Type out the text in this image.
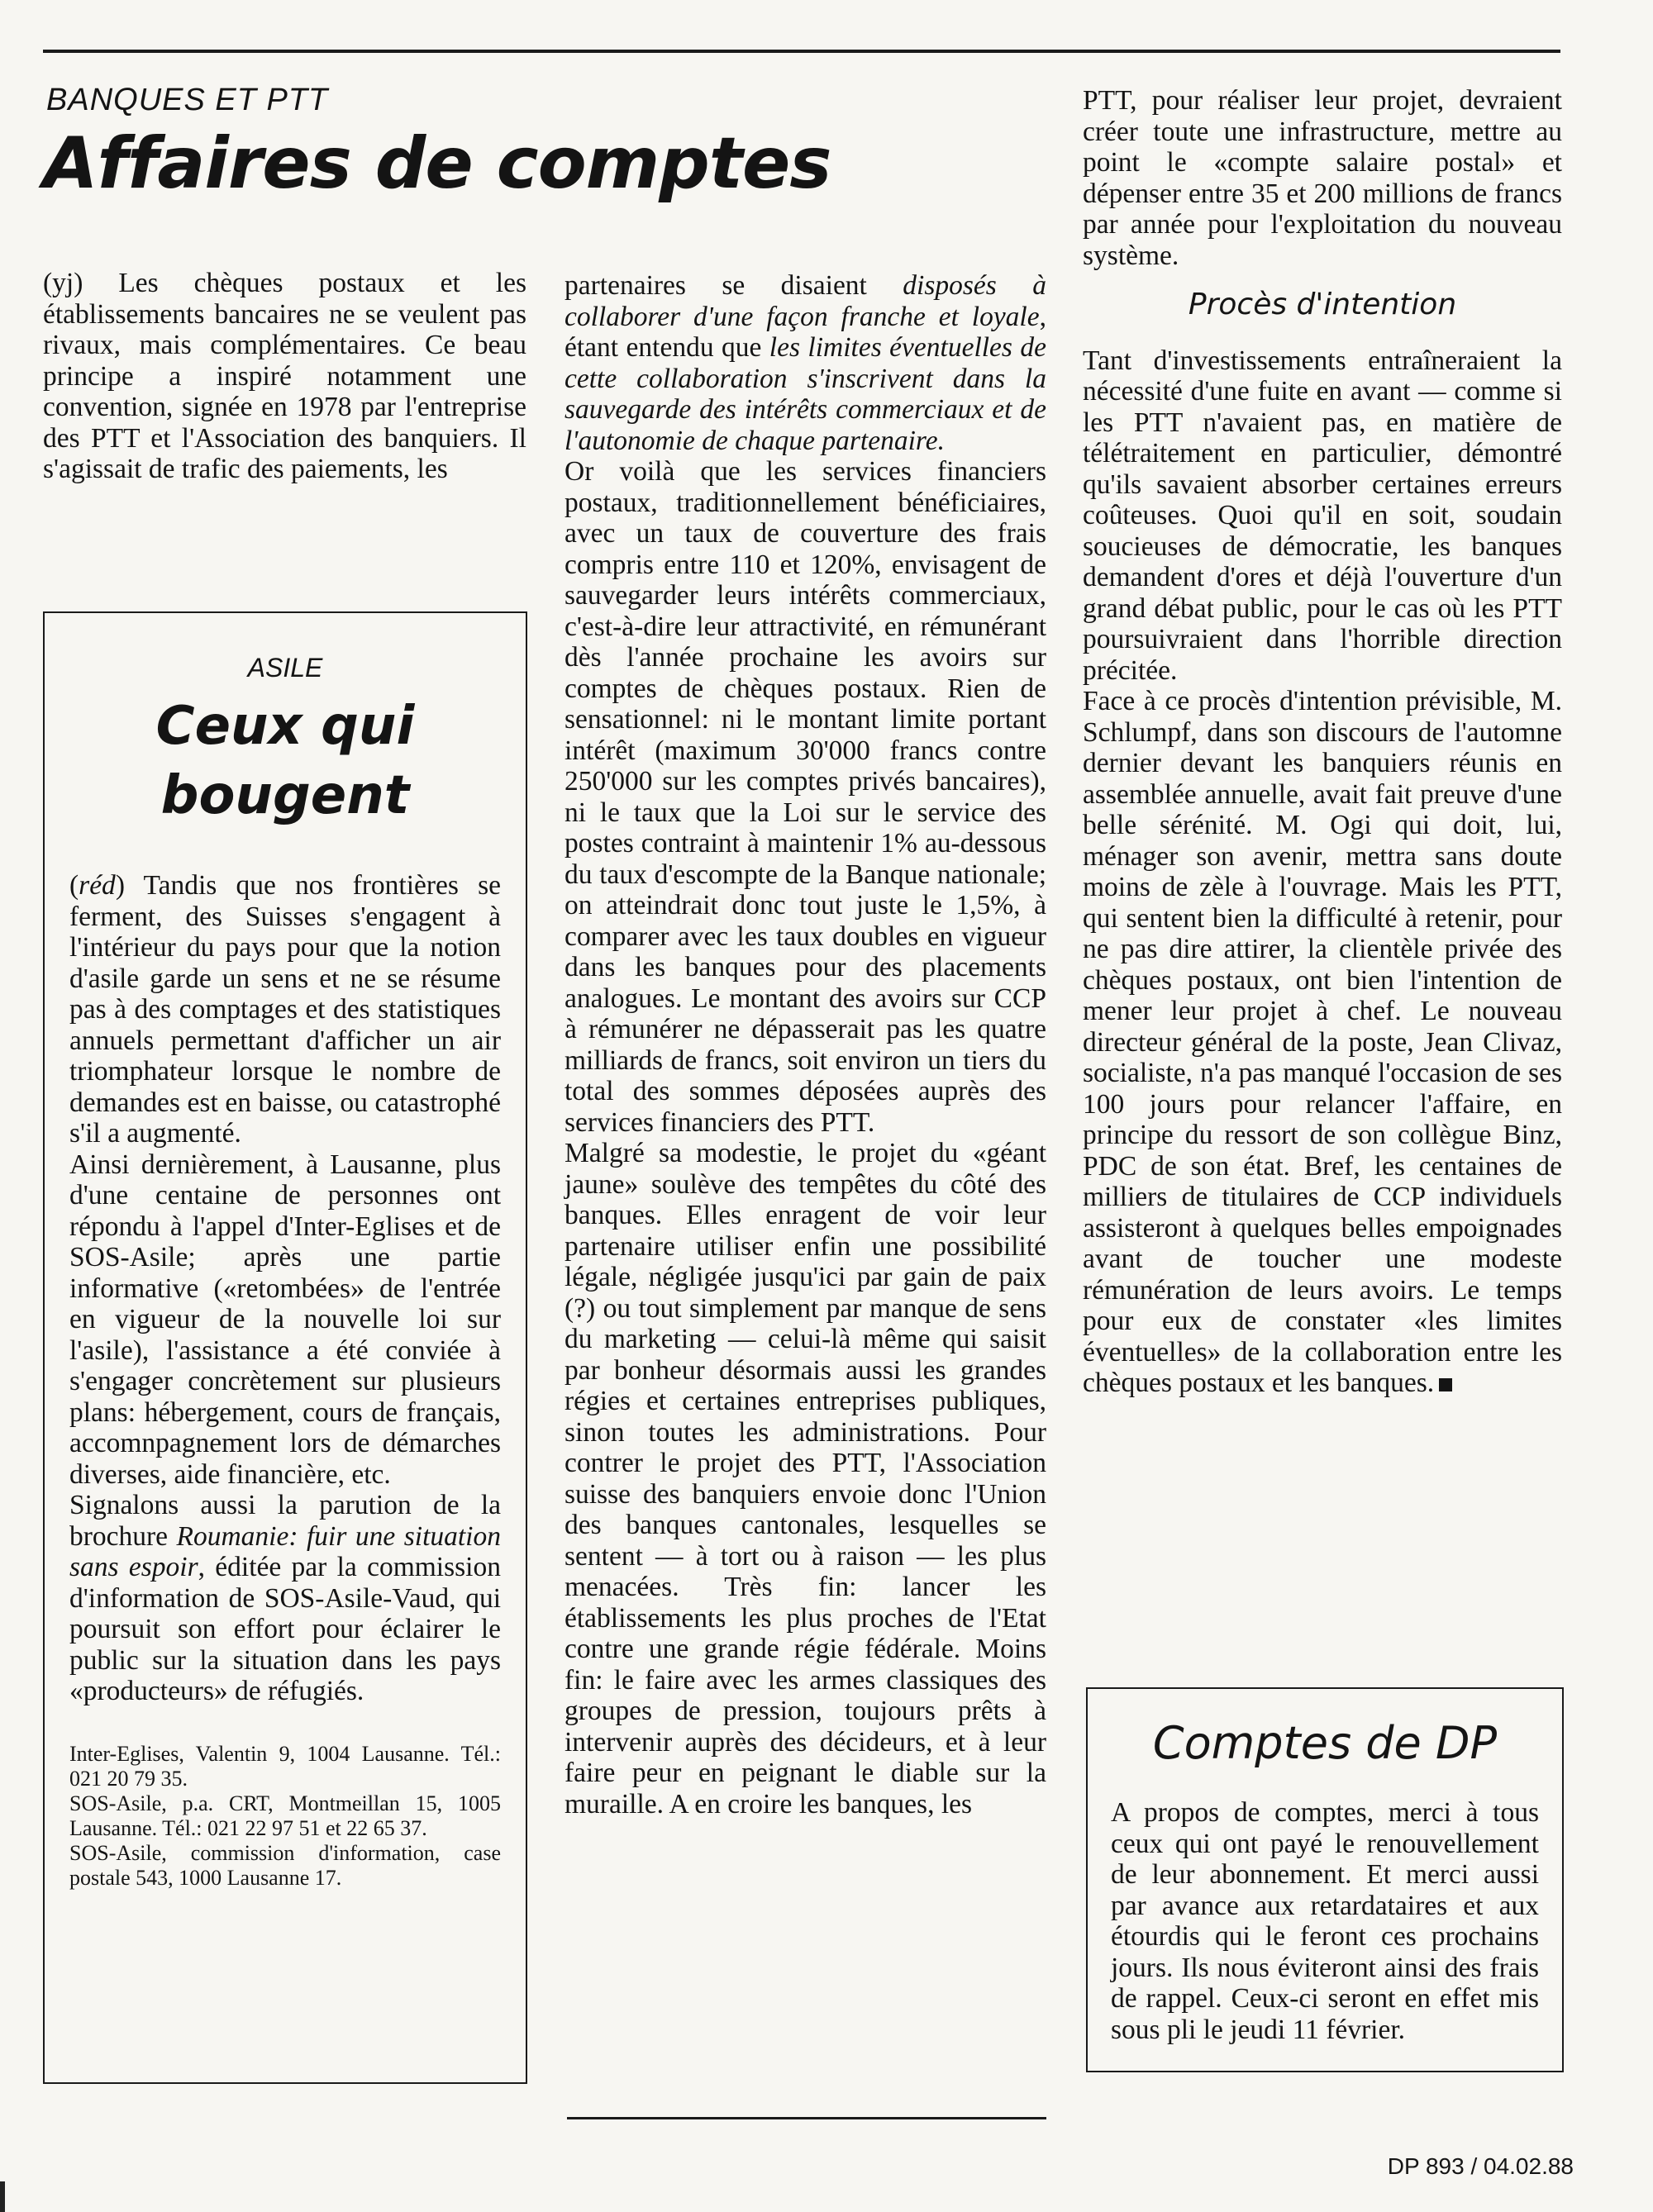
BANQUES ET PTT

Affaires de comptes

(yj) Les chèques postaux et les établissements bancaires ne se veulent pas rivaux, mais complémentaires. Ce beau principe a inspiré notamment une convention, signée en 1978 par l'entreprise des PTT et l'Association des banquiers. Il s'agissait de trafic des paiements, les

ASILE

Ceux qui
bougent

(réd) Tandis que nos frontières se ferment, des Suisses s'engagent à l'intérieur du pays pour que la notion d'asile garde un sens et ne se résume pas à des comptages et des statistiques annuels permettant d'afficher un air triomphateur lorsque le nombre de demandes est en baisse, ou catastrophé s'il a augmenté.

Ainsi dernièrement, à Lausanne, plus d'une centaine de personnes ont répondu à l'appel d'Inter-Eglises et de SOS-Asile; après une partie informative («retombées» de l'entrée en vigueur de la nouvelle loi sur l'asile), l'assistance a été conviée à s'engager concrètement sur plusieurs plans: hébergement, cours de français, accomnpagnement lors de démarches diverses, aide financière, etc.

Signalons aussi la parution de la brochure Roumanie: fuir une situation sans espoir, éditée par la commission d'information de SOS-Asile-Vaud, qui poursuit son effort pour éclairer le public sur la situation dans les pays «producteurs» de réfugiés.

Inter-Eglises, Valentin 9, 1004 Lausanne. Tél.: 021 20 79 35.

SOS-Asile, p.a. CRT, Montmeillan 15, 1005 Lausanne. Tél.: 021 22 97 51 et 22 65 37.

SOS-Asile, commission d'information, case postale 543, 1000 Lausanne 17.

partenaires se disaient disposés à collaborer d'une façon franche et loyale, étant entendu que les limites éventuelles de cette collaboration s'inscrivent dans la sauvegarde des intérêts commerciaux et de l'autonomie de chaque partenaire.

Or voilà que les services financiers postaux, traditionnellement bénéficiaires, avec un taux de couverture des frais compris entre 110 et 120%, envisagent de sauvegarder leurs intérêts commerciaux, c'est-à-dire leur attractivité, en rémunérant dès l'année prochaine les avoirs sur comptes de chèques postaux. Rien de sensationnel: ni le montant limite portant intérêt (maximum 30'000 francs contre 250'000 sur les comptes privés bancaires), ni le taux que la Loi sur le service des postes contraint à maintenir 1% au-dessous du taux d'escompte de la Banque nationale; on atteindrait donc tout juste le 1,5%, à comparer avec les taux doubles en vigueur dans les banques pour des placements analogues. Le montant des avoirs sur CCP à rémunérer ne dépasserait pas les quatre milliards de francs, soit environ un tiers du total des sommes déposées auprès des services financiers des PTT.

Malgré sa modestie, le projet du «géant jaune» soulève des tempêtes du côté des banques. Elles enragent de voir leur partenaire utiliser enfin une possibilité légale, négligée jusqu'ici par gain de paix (?) ou tout simplement par manque de sens du marketing — celui-là même qui saisit par bonheur désormais aussi les grandes régies et certaines entreprises publiques, sinon toutes les administrations. Pour contrer le projet des PTT, l'Association suisse des banquiers envoie donc l'Union des banques cantonales, lesquelles se sentent — à tort ou à raison — les plus menacées. Très fin: lancer les établissements les plus proches de l'Etat contre une grande régie fédérale. Moins fin: le faire avec les armes classiques des groupes de pression, toujours prêts à intervenir auprès des décideurs, et à leur faire peur en peignant le diable sur la muraille. A en croire les banques, les

PTT, pour réaliser leur projet, devraient créer toute une infrastructure, mettre au point le «compte salaire postal» et dépenser entre 35 et 200 millions de francs par année pour l'exploitation du nouveau système.

Procès d'intention

Tant d'investissements entraîneraient la nécessité d'une fuite en avant — comme si les PTT n'avaient pas, en matière de télétraitement en particulier, démontré qu'ils savaient absorber certaines erreurs coûteuses. Quoi qu'il en soit, soudain soucieuses de démocratie, les banques demandent d'ores et déjà l'ouverture d'un grand débat public, pour le cas où les PTT poursuivraient dans l'horrible direction précitée.

Face à ce procès d'intention prévisible, M. Schlumpf, dans son discours de l'automne dernier devant les banquiers réunis en assemblée annuelle, avait fait preuve d'une belle sérénité. M. Ogi qui doit, lui, ménager son avenir, mettra sans doute moins de zèle à l'ouvrage. Mais les PTT, qui sentent bien la difficulté à retenir, pour ne pas dire attirer, la clientèle privée des chèques postaux, ont bien l'intention de mener leur projet à chef. Le nouveau directeur général de la poste, Jean Clivaz, socialiste, n'a pas manqué l'occasion de ses 100 jours pour relancer l'affaire, en principe du ressort de son collègue Binz, PDC de son état. Bref, les centaines de milliers de titulaires de CCP individuels assisteront à quelques belles empoignades avant de toucher une modeste rémunération de leurs avoirs. Le temps pour eux de constater «les limites éventuelles» de la collaboration entre les chèques postaux et les banques.

Comptes de DP

A propos de comptes, merci à tous ceux qui ont payé le renouvellement de leur abonnement. Et merci aussi par avance aux retardataires et aux étourdis qui le feront ces prochains jours. Ils nous éviteront ainsi des frais de rappel. Ceux-ci seront en effet mis sous pli le jeudi 11 février.

DP 893 / 04.02.88
